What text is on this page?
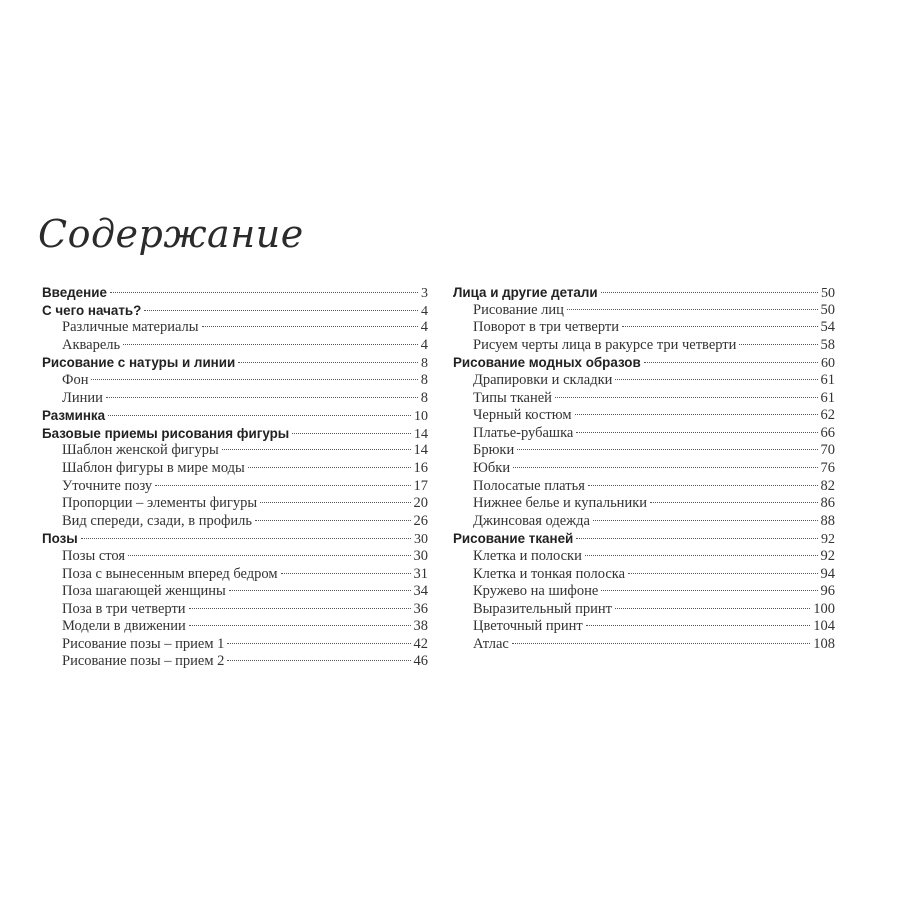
Содержание
Введение	3
С чего начать?	4
Различные материалы	4
Акварель	4
Рисование с натуры и линии	8
Фон	8
Линии	8
Разминка	10
Базовые приемы рисования фигуры	14
Шаблон женской фигуры	14
Шаблон фигуры в мире моды	16
Уточните позу	17
Пропорции – элементы фигуры	20
Вид спереди, сзади, в профиль	26
Позы	30
Позы стоя	30
Поза с вынесенным вперед бедром	31
Поза шагающей женщины	34
Поза в три четверти	36
Модели в движении	38
Рисование позы – прием 1	42
Рисование позы – прием 2	46
Лица и другие детали	50
Рисование лиц	50
Поворот в три четверти	54
Рисуем черты лица в ракурсе три четверти	58
Рисование модных образов	60
Драпировки и складки	61
Типы тканей	61
Черный костюм	62
Платье-рубашка	66
Брюки	70
Юбки	76
Полосатые платья	82
Нижнее белье и купальники	86
Джинсовая одежда	88
Рисование тканей	92
Клетка и полоски	92
Клетка и тонкая полоска	94
Кружево на шифоне	96
Выразительный принт	100
Цветочный принт	104
Атлас	108
